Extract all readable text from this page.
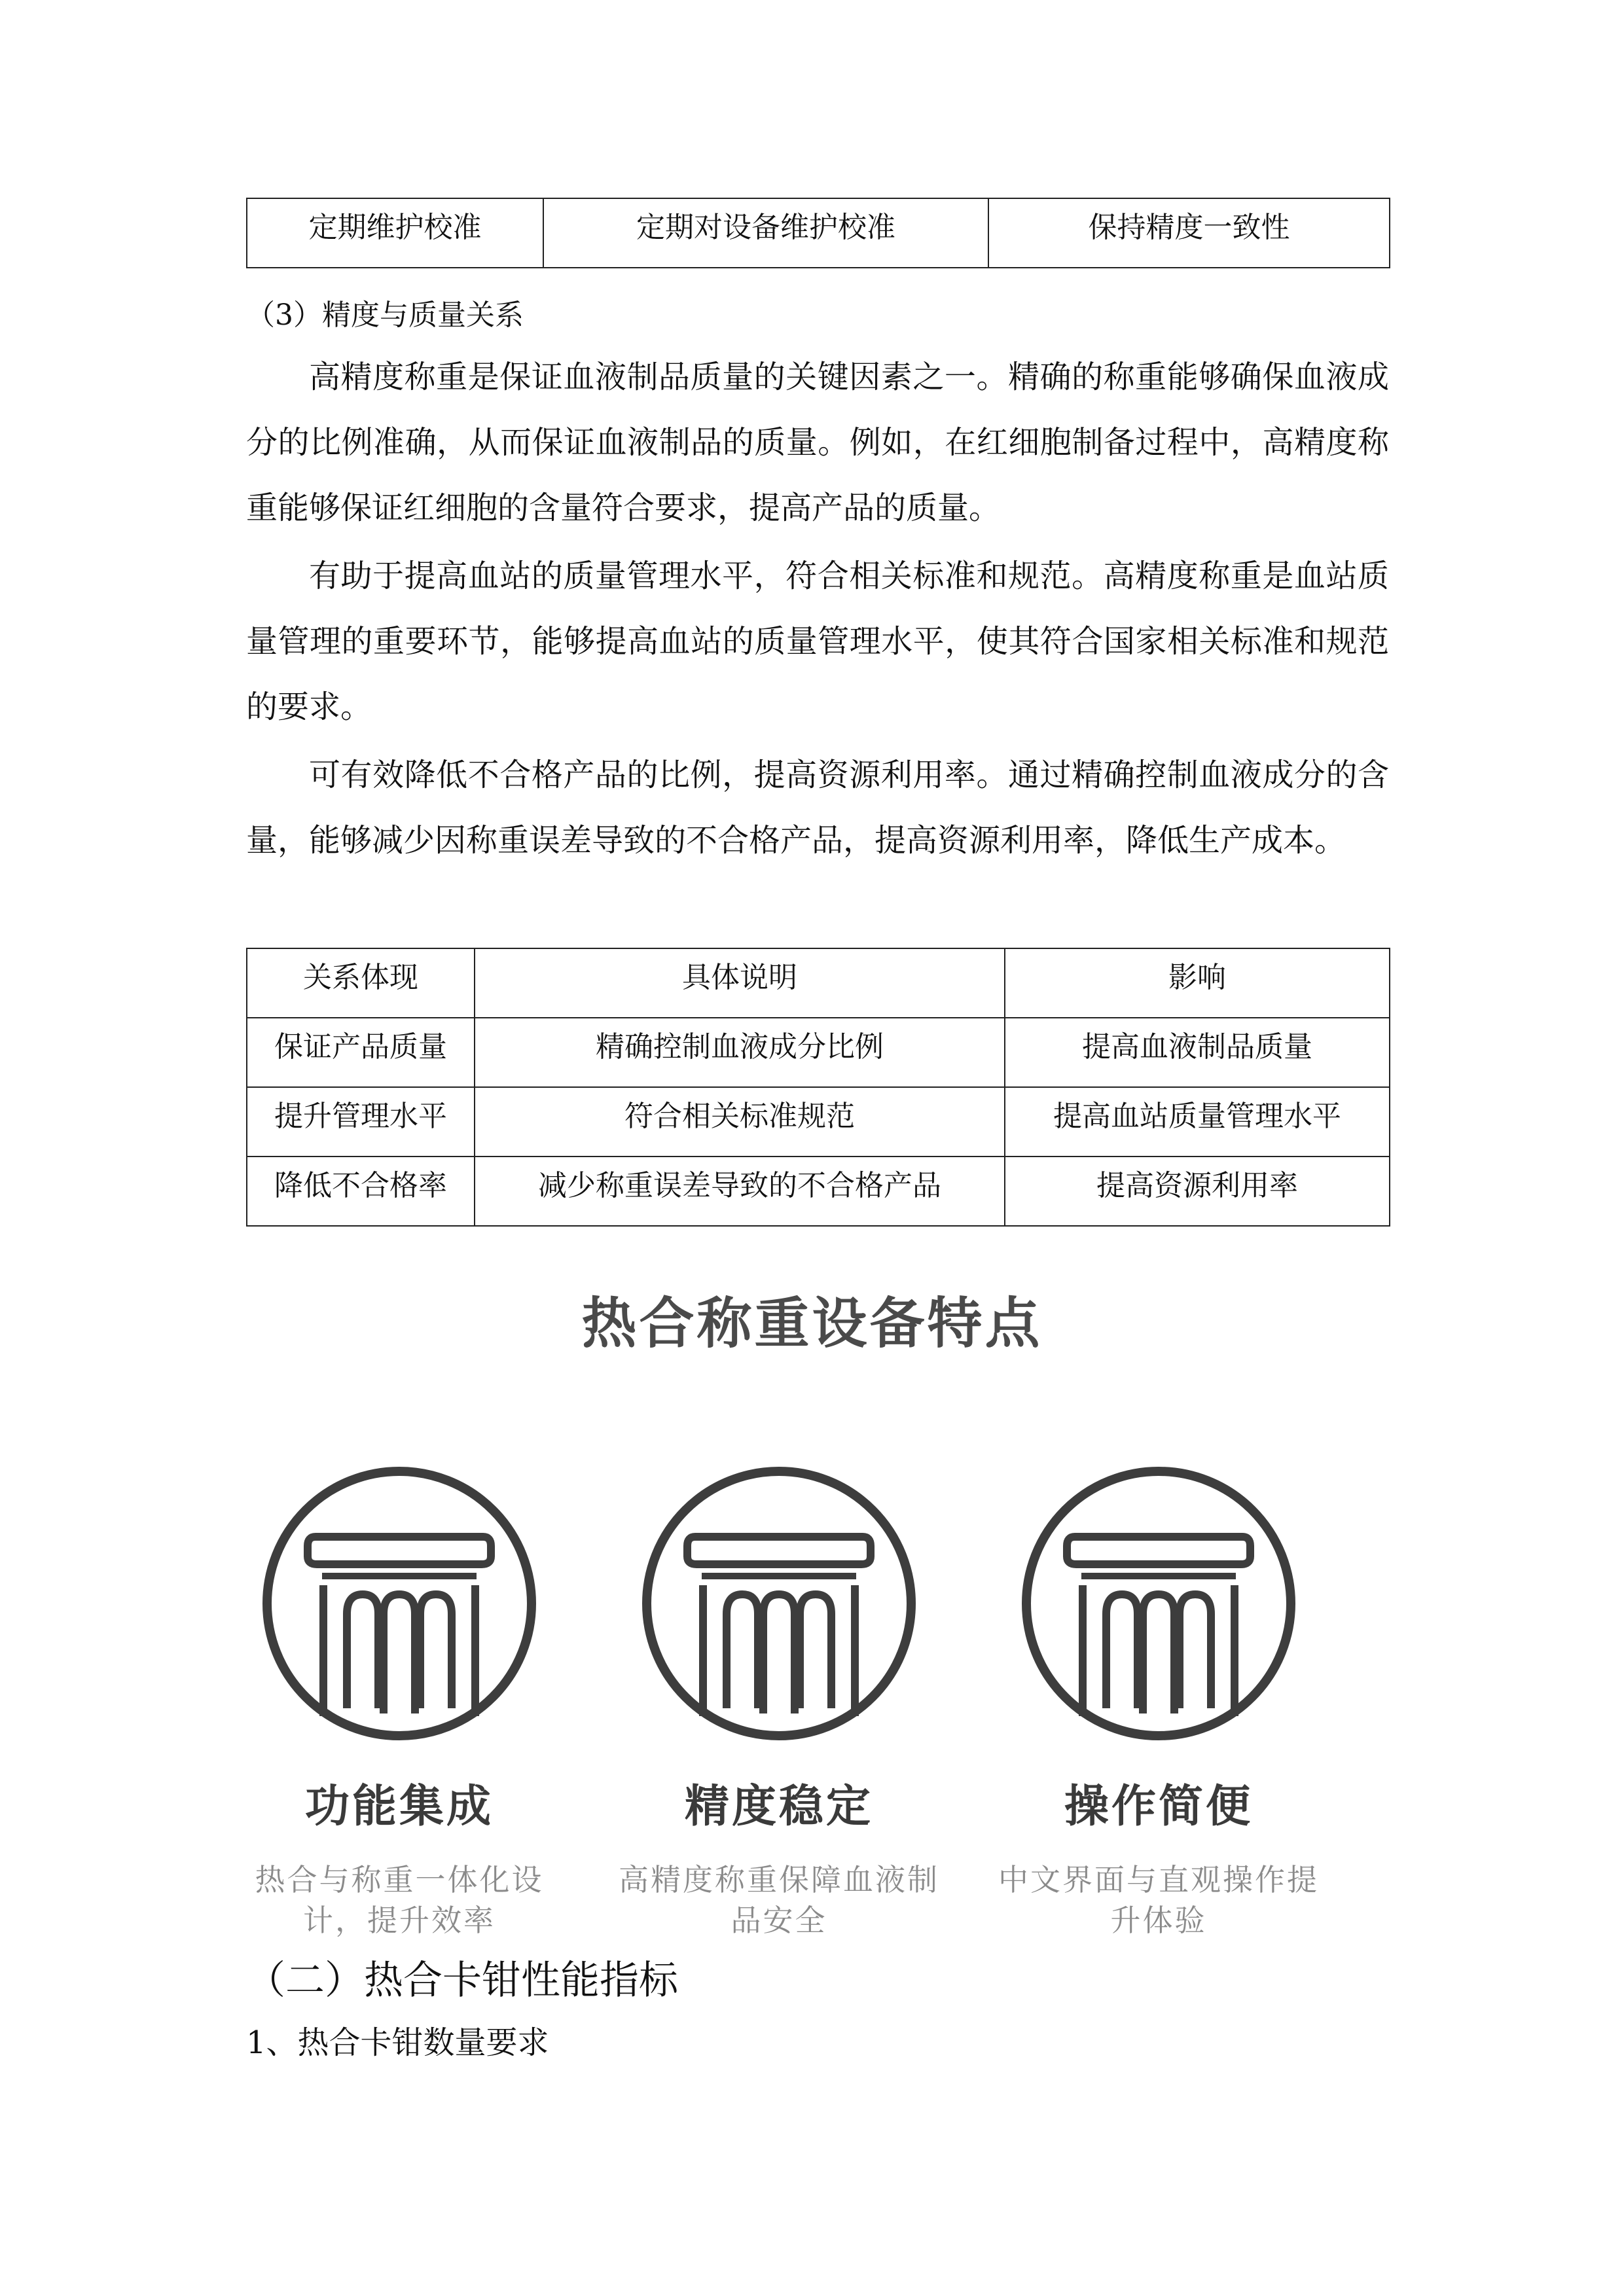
定期维护校准	定期对设备维护校准	保持精度一致性
（3）精度与质量关系

高精度称重是保证血液制品质量的关键因素之一。精确的称重能够确保血液成分的比例准确，从而保证血液制品的质量。例如，在红细胞制备过程中，高精度称重能够保证红细胞的含量符合要求，提高产品的质量。

有助于提高血站的质量管理水平，符合相关标准和规范。高精度称重是血站质量管理的重要环节，能够提高血站的质量管理水平，使其符合国家相关标准和规范的要求。

可有效降低不合格产品的比例，提高资源利用率。通过精确控制血液成分的含量，能够减少因称重误差导致的不合格产品，提高资源利用率，降低生产成本。

关系体现	具体说明	影响
保证产品质量	精确控制血液成分比例	提高血液制品质量
提升管理水平	符合相关标准规范	提高血站质量管理水平
降低不合格率	减少称重误差导致的不合格产品	提高资源利用率
热合称重设备特点
功能集成
热合与称重一体化设计，提升效率
精度稳定
高精度称重保障血液制品安全
操作简便
中文界面与直观操作提升体验
（二）热合卡钳性能指标
1、热合卡钳数量要求
